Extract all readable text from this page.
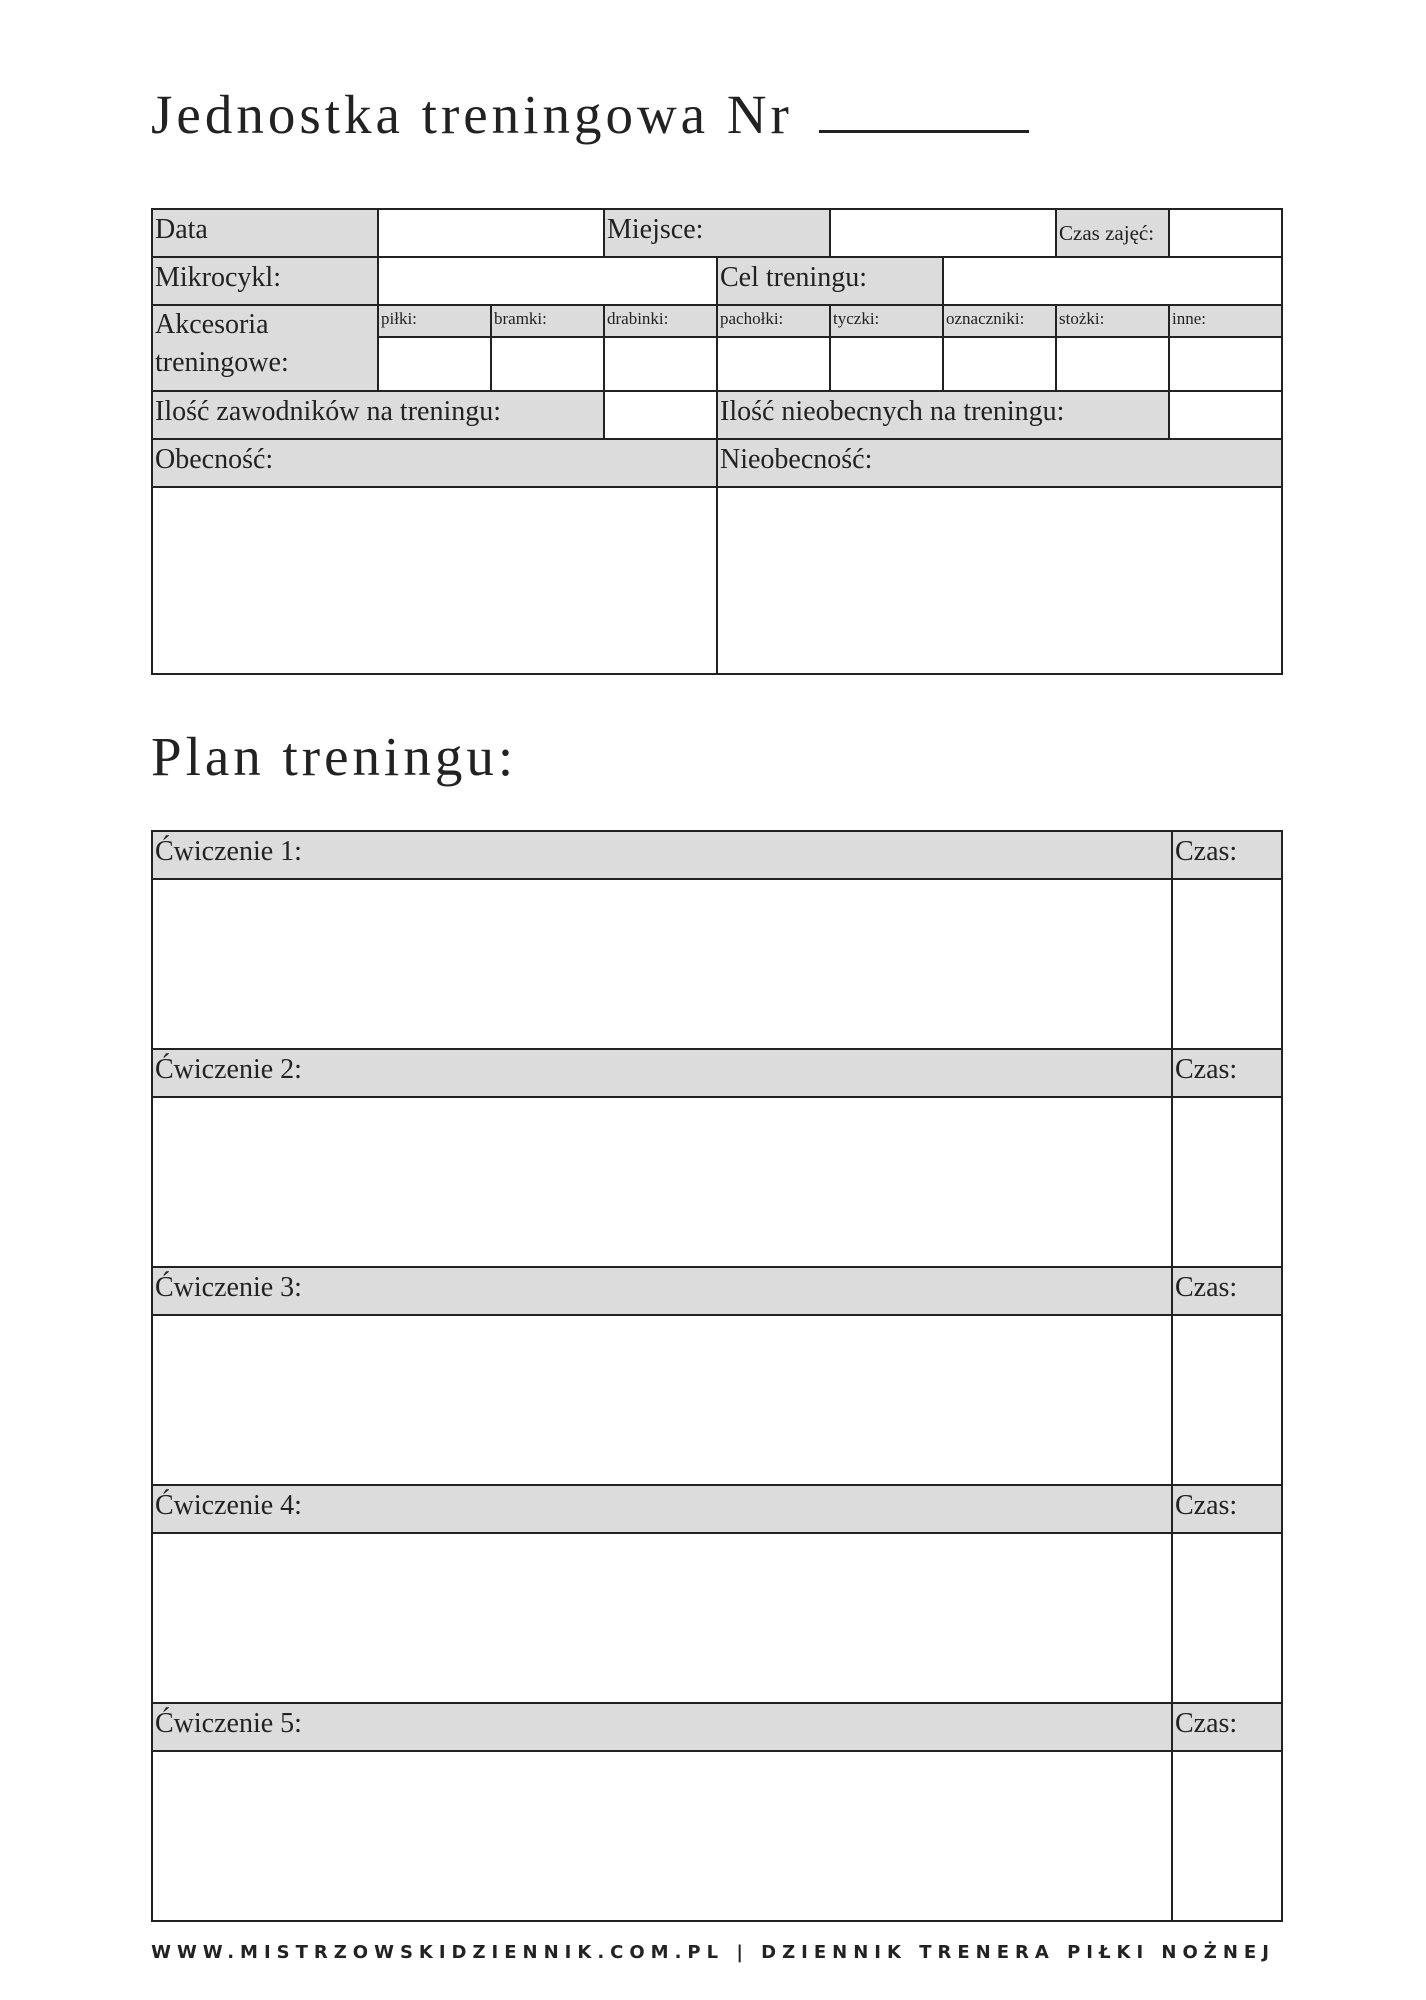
Jednostka treningowa Nr
Data			Miejsce:				Czas zajęć:	
Mikrocykl:				Cel treningu:				
Akcesoria treningowe:	piłki:	bramki:	drabinki:	pachołki:	tyczki:	oznaczniki:	stożki:	inne:

Ilość zawodników na treningu:				Ilość nieobecnych na treningu:				
Obecność:				Nieobecność:				

Plan treningu:
Ćwiczenie 1:	Czas:

Ćwiczenie 2:	Czas:

Ćwiczenie 3:	Czas:

Ćwiczenie 4:	Czas:

Ćwiczenie 5:	Czas:

WWW.MISTRZOWSKIDZIENNIK.COM.PL | DZIENNIK TRENERA PIŁKI NOŻNEJ
